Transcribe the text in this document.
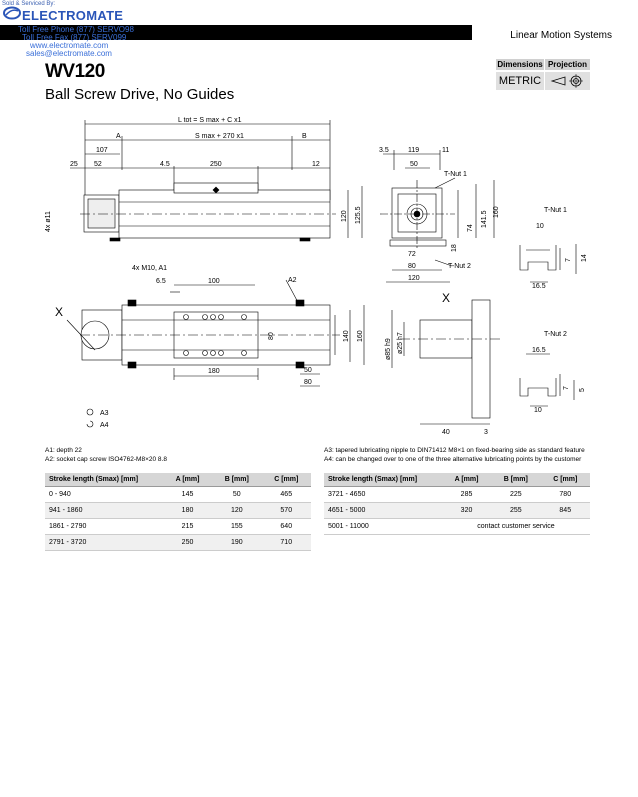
Sold & Serviced By:
ELECTROMATE
Toll Free Phone (877) SERVO98
Toll Free Fax (877) SERV099
www.electromate.com
sales@electromate.com
Linear Motion Systems
WV120
Ball Screw Drive, No Guides
Dimensions Projection
METRIC
L tot = S max + C x1
S max + 270 x1
A	B
107
25 52	4.5	250	12
120 125.5
4x ø11
3.5	119	11
50
T-Nut 1
74
141.5 160
18
72
80	T-Nut 2
120
4x M10, A1
6.5	100	A2
80	140 160
180	50
80
X
A3
A4
X
ø85 h9 ø25 h7
40	3
T-Nut 1
10
14
7
16.5
T-Nut 2
16.5
7
5
10
A1: depth 22
A2: socket cap screw ISO4762-M8×20 8.8
A3: tapered lubricating nipple to DIN71412 M8×1 on fixed-bearing side as standard feature
A4: can be changed over to one of the three alternative lubricating points by the customer
Stroke length (Smax) [mm]	A [mm]	B [mm]	C [mm]
0 - 940	145	50	465
941 - 1860	180	120	570
1861 - 2790	215	155	640
2791 - 3720	250	190	710
Stroke length (Smax) [mm]	A [mm]	B [mm]	C [mm]
3721 - 4650	285	225	780
4651 - 5000	320	255	845
5001 - 11000	contact customer service		
